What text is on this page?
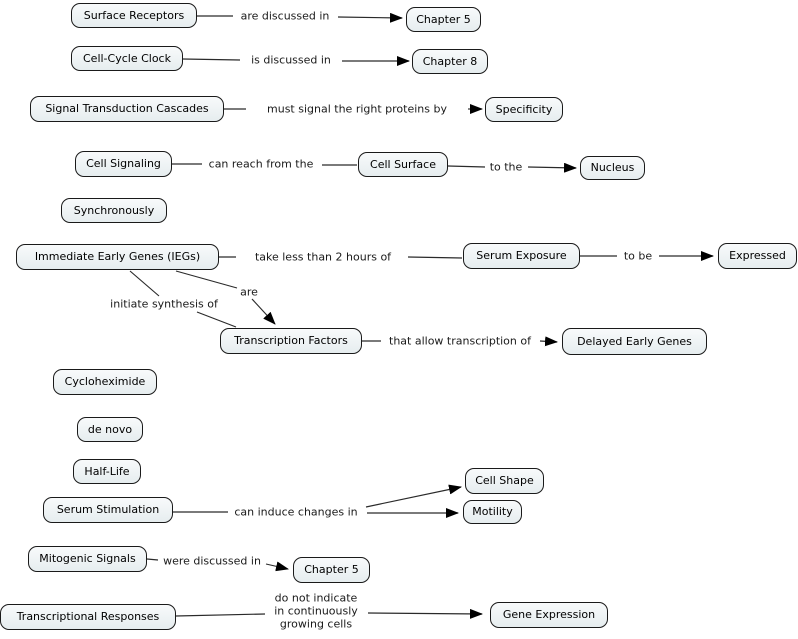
Surface Receptors	Chapter 5
Cell-Cycle Clock	Chapter 8
Signal Transduction Cascades	Specificity
Cell Signaling	Cell Surface	Nucleus
Synchronously
Immediate Early Genes (IEGs)	Serum Exposure	Expressed
Transcription Factors	Delayed Early Genes
Cycloheximide
de novo
Half-Life
Serum Stimulation
Cell Shape
Motility
Mitogenic Signals
Chapter 5
Transcriptional Responses	Gene Expression
are discussed in
is discussed in
must signal the right proteins by
can reach from the	to the
take less than 2 hours of	to be
are
initiate synthesis of
that allow transcription of
can induce changes in
were discussed in
do not indicate
in continuously
growing cells
